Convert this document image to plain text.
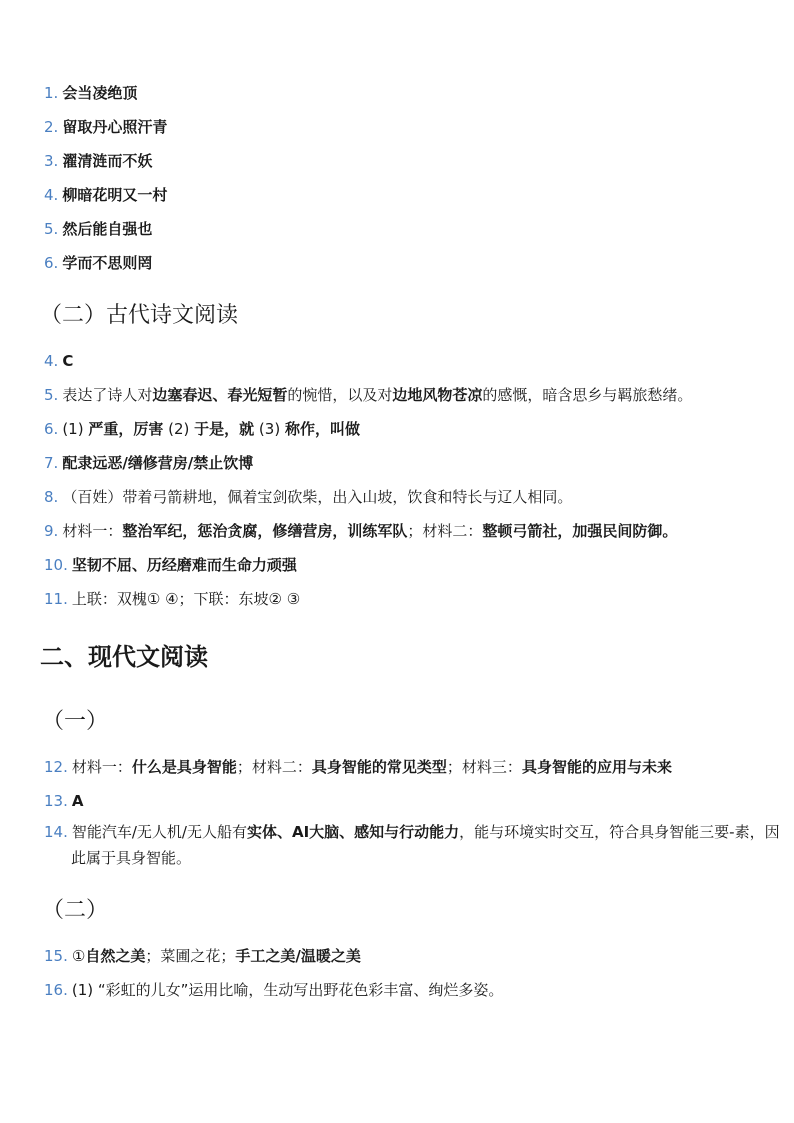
1. 会当凌绝顶
2. 留取丹心照汗青
3. 濯清涟而不妖
4. 柳暗花明又一村
5. 然后能自强也
6. 学而不思则罔
（二）古代诗文阅读
4. C
5. 表达了诗人对边塞春迟、春光短暂的惋惜，以及对边地风物苍凉的感慨，暗含思乡与羁旅愁绪。
6. (1) 严重，厉害 (2) 于是，就 (3) 称作，叫做
7. 配隶远恶/缮修营房/禁止饮博
8. （百姓）带着弓箭耕地，佩着宝剑砍柴，出入山坡，饮食和特长与辽人相同。
9. 材料一：整治军纪，惩治贪腐，修缮营房，训练军队；材料二：整顿弓箭社，加强民间防御。
10. 坚韧不屈、历经磨难而生命力顽强
11. 上联：双槐① ④；下联：东坡② ③
二、现代文阅读
（一）
12. 材料一：什么是具身智能；材料二：具身智能的常见类型；材料三：具身智能的应用与未来
13. A
14. 智能汽车/无人机/无人船有实体、AI大脑、感知与行动能力，能与环境实时交互，符合具身智能三要-素，因此属于具身智能。
（二）
15. ①自然之美；菜圃之花；手工之美/温暖之美
16. (1) “彩虹的儿女”运用比喻，生动写出野花色彩丰富、绚烂多姿。
